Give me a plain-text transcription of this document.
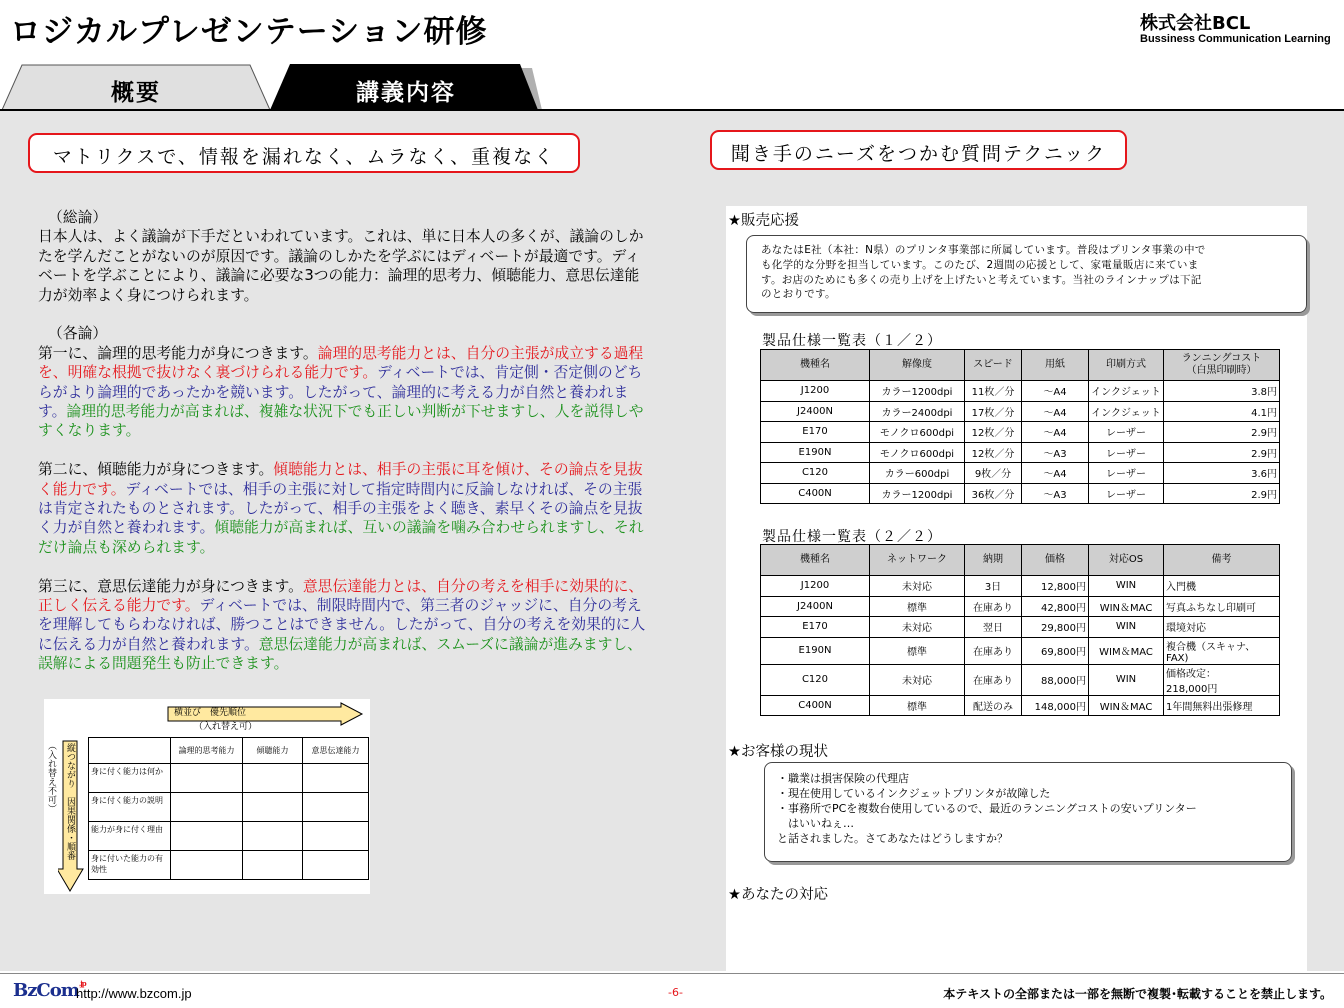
ロジカルプレゼンテーション研修	株式会社BCL
Bussiness Communication Learning
概要	講義内容
マトリクスで、情報を漏れなく、ムラなく、重複なく	聞き手のニーズをつかむ質問テクニック
（総論）

日本人は、よく議論が下手だといわれています。これは、単に日本人の多くが、議論のしかたを学んだことがないのが原因です。議論のしかたを学ぶにはディベートが最適です。ディベートを学ぶことにより、議論に必要な3つの能力：論理的思考力、傾聴能力、意思伝達能力が効率よく身につけられます。

（各論）

第一に、論理的思考能力が身につきます。論理的思考能力とは、自分の主張が成立する過程を、明確な根拠で抜けなく裏づけられる能力です。ディベートでは、肯定側・否定側のどちらがより論理的であったかを競います。したがって、論理的に考える力が自然と養われます。論理的思考能力が高まれば、複雑な状況下でも正しい判断が下せますし、人を説得しやすくなります。

第二に、傾聴能力が身につきます。傾聴能力とは、相手の主張に耳を傾け、その論点を見抜く能力です。ディベートでは、相手の主張に対して指定時間内に反論しなければ、その主張は肯定されたものとされます。したがって、相手の主張をよく聴き、素早くその論点を見抜く力が自然と養われます。傾聴能力が高まれば、互いの議論を噛み合わせられますし、それだけ論点も深められます。

第三に、意思伝達能力が身につきます。意思伝達能力とは、自分の考えを相手に効果的に、正しく伝える能力です。ディベートでは、制限時間内で、第三者のジャッジに、自分の考えを理解してもらわなければ、勝つことはできません。したがって、自分の考えを効果的に人に伝える力が自然と養われます。意思伝達能力が高まれば、スムーズに議論が進みますし、誤解による問題発生も防止できます。

横並び　優先順位
（入れ替え可）
（入れ替え不可） 縦つながり　因果関係・順番
		論理的思考能力	傾聴能力	意思伝達能力
身に付く能力は何か			
身に付く能力の説明			
能力が身に付く理由			
身に付いた能力の有効性			
★販売応援
あなたはE社（本社：N県）のプリンタ事業部に所属しています。普段はプリンタ事業の中で
も化学的な分野を担当しています。このたび、2週間の応援として、家電量販店に来ていま
す。お店のためにも多くの売り上げを上げたいと考えています。当社のラインナップは下記
のとおりです。
製品仕様一覧表（１／２）
機種名	解像度	スピード	用紙	印刷方式	ランニングコスト
（白黒印刷時）
J1200	カラー1200dpi	11枚／分	～A4	インクジェット	3.8円
J2400N	カラー2400dpi	17枚／分	～A4	インクジェット	4.1円
E170	モノクロ600dpi	12枚／分	～A4	レーザー	2.9円
E190N	モノクロ600dpi	12枚／分	～A3	レーザー	2.9円
C120	カラー600dpi	9枚／分	～A4	レーザー	3.6円
C400N	カラー1200dpi	36枚／分	～A3	レーザー	2.9円
製品仕様一覧表（２／２）
機種名	ネットワーク	納期	価格	対応OS	備考
J1200	未対応	3日	12,800円	WIN	入門機
J2400N	標準	在庫あり	42,800円	WIN＆MAC	写真ふちなし印刷可
E170	未対応	翌日	29,800円	WIN	環境対応
E190N	標準	在庫あり	69,800円	WIM＆MAC	複合機（スキャナ、FAX)
C120	未対応	在庫あり	88,000円	WIN	価格改定：
218,000円
C400N	標準	配送のみ	148,000円	WIN＆MAC	1年間無料出張修理
★お客様の現状
・職業は損害保険の代理店
・現在使用しているインクジェットプリンタが故障した
・事務所でPCを複数台使用しているので、最近のランニングコストの安いプリンター
　はいいねぇ…
と話されました。さてあなたはどうしますか？
★あなたの対応
BzCom$^{.jp}$
http://www.bzcom.jp	-6-	本テキストの全部または一部を無断で複製･転載することを禁止します。
